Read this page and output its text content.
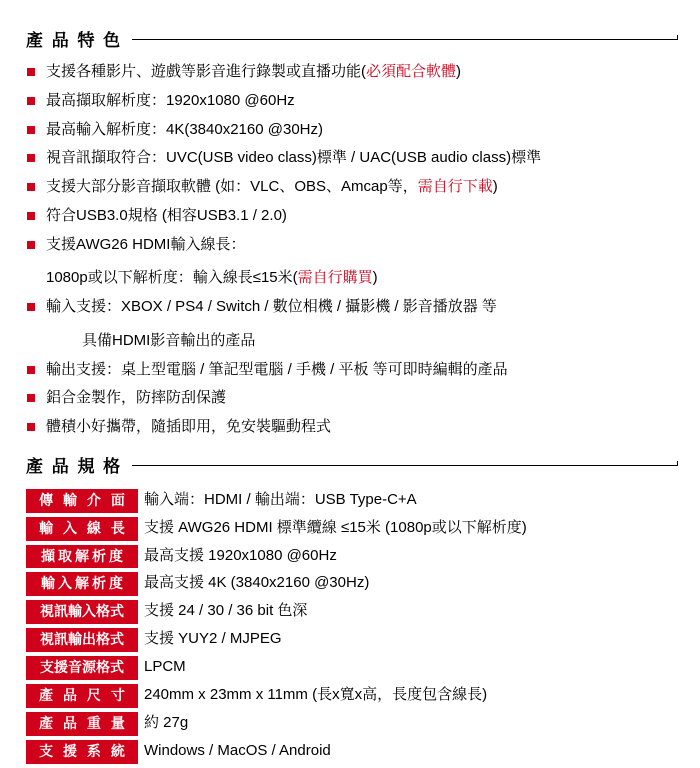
產 品 特 色
支援各種影片、遊戲等影音進行錄製或直播功能(必須配合軟體)
最高擷取解析度：1920x1080 @60Hz
最高輸入解析度：4K(3840x2160 @30Hz)
視音訊擷取符合：UVC(USB video class)標準 / UAC(USB audio class)標準
支援大部分影音擷取軟體 (如：VLC、OBS、Amcap等，需自行下載)
符合USB3.0規格 (相容USB3.1 / 2.0)
支援AWG26 HDMI輸入線長：
1080p或以下解析度：輸入線長≤15米(需自行購買)
輸入支援：XBOX / PS4 / Switch / 數位相機 / 攝影機 / 影音播放器 等
具備HDMI影音輸出的產品
輸出支援：桌上型電腦 / 筆記型電腦 / 手機 / 平板 等可即時編輯的產品
鋁合金製作，防摔防刮保護
體積小好攜帶，隨插即用，免安裝驅動程式
產 品 規 格
傳 輸 介 面	輸入端：HDMI / 輸出端：USB Type-C+A

輸 入 線 長	支援 AWG26 HDMI 標準纜線 ≤15米 (1080p或以下解析度)

擷取解析度	最高支援 1920x1080 @60Hz

輸入解析度	最高支援 4K (3840x2160 @30Hz)

視訊輸入格式	支援 24 / 30 / 36 bit 色深

視訊輸出格式	支援 YUY2 / MJPEG

支援音源格式	LPCM

產 品 尺 寸	240mm x 23mm x 11mm (長x寬x高，長度包含線長)

產 品 重 量	約 27g

支 援 系 統	Windows / MacOS / Android
